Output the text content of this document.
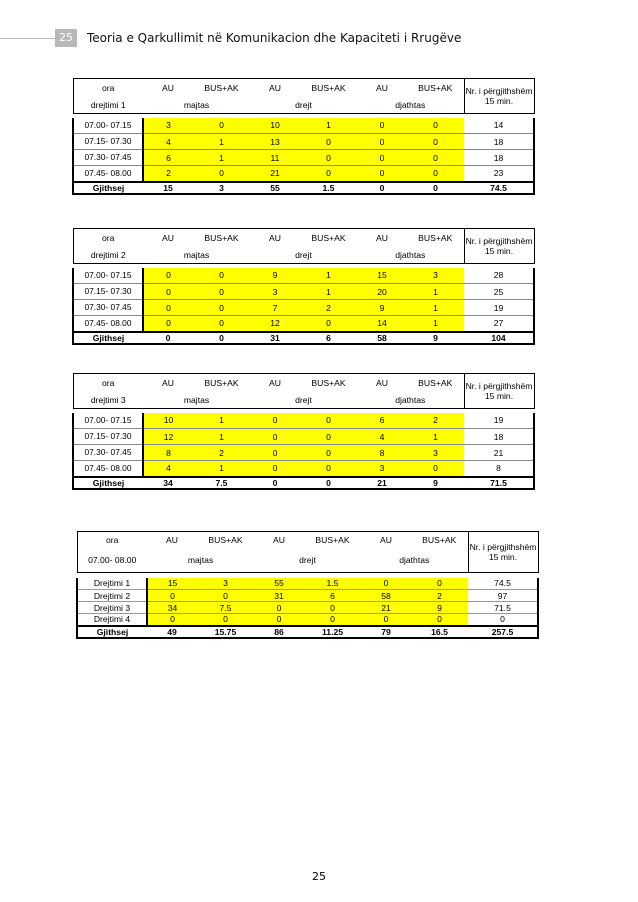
25	Teoria e Qarkullimit në Komunikacion dhe Kapaciteti i Rrugëve
ora	AU	BUS+AK	AU	BUS+AK	AU	BUS+AK	Nr. i përgjithshëm 15 min.
drejtimi 1	majtas		drejt		djathtas		

07.00- 07.15	3	0	10	1	0	0	14
07.15- 07.30	4	1	13	0	0	0	18
07.30- 07.45	6	1	11	0	0	0	18
07.45- 08.00	2	0	21	0	0	0	23
Gjithsej	15	3	55	1.5	0	0	74.5
ora	AU	BUS+AK	AU	BUS+AK	AU	BUS+AK	Nr. i përgjithshëm 15 min.
drejtimi 2	majtas		drejt		djathtas		

07.00- 07.15	0	0	9	1	15	3	28
07.15- 07.30	0	0	3	1	20	1	25
07.30- 07.45	0	0	7	2	9	1	19
07.45- 08.00	0	0	12	0	14	1	27
Gjithsej	0	0	31	6	58	9	104
ora	AU	BUS+AK	AU	BUS+AK	AU	BUS+AK	Nr. i përgjithshëm 15 min.
drejtimi 3	majtas		drejt		djathtas		

07.00- 07.15	10	1	0	0	6	2	19
07.15- 07.30	12	1	0	0	4	1	18
07.30- 07.45	8	2	0	0	8	3	21
07.45- 08.00	4	1	0	0	3	0	8
Gjithsej	34	7.5	0	0	21	9	71.5
ora	AU	BUS+AK	AU	BUS+AK	AU	BUS+AK	Nr. i përgjithshëm 15 min.
07.00- 08.00	majtas		drejt		djathtas		

Drejtimi 1	15	3	55	1.5	0	0	74.5
Drejtimi 2	0	0	31	6	58	2	97
Drejtimi 3	34	7.5	0	0	21	9	71.5
Drejtimi 4	0	0	0	0	0	0	0
Gjithsej	49	15.75	86	11.25	79	16.5	257.5
25
